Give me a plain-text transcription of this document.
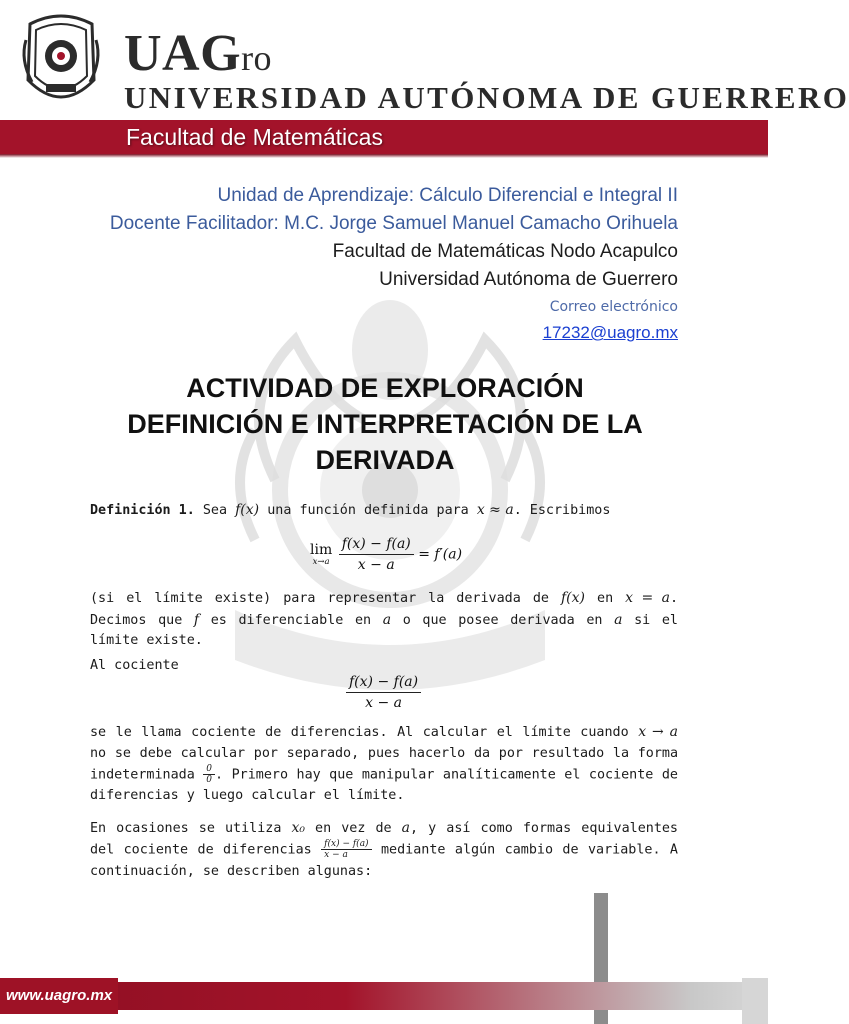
UAGro
UNIVERSIDAD AUTÓNOMA DE GUERRERO
Facultad de Matemáticas
Unidad de Aprendizaje: Cálculo Diferencial e Integral II
Docente Facilitador: M.C. Jorge Samuel Manuel Camacho Orihuela
Facultad de Matemáticas Nodo Acapulco
Universidad Autónoma de Guerrero
Correo electrónico
17232@uagro.mx
ACTIVIDAD DE EXPLORACIÓN
DEFINICIÓN E INTERPRETACIÓN DE LA
DERIVADA
Definición 1. Sea f(x) una función definida para x ≈ a. Escribimos
lim
x→a
$\frac{f(x) - f(a)}{x - a} = f'(a)$
(si el límite existe) para representar la derivada de f(x) en x = a. Decimos que f es diferenciable en a o que posee derivada en a si el límite existe.
Al cociente
$\frac{f(x) - f(a)}{x - a}$
se le llama cociente de diferencias. Al calcular el límite cuando x → a no se debe calcular por separado, pues hacerlo da por resultado la forma indeterminada $\frac{0}{0}$ . Primero hay que manipular analíticamente el cociente de diferencias y luego calcular el límite.
En ocasiones se utiliza x₀ en vez de a, y así como formas equivalentes del cociente de diferencias $\frac{f(x) - f(a)}{x - a}$ mediante algún cambio de variable. A continuación, se describen algunas:
www.uagro.mx
